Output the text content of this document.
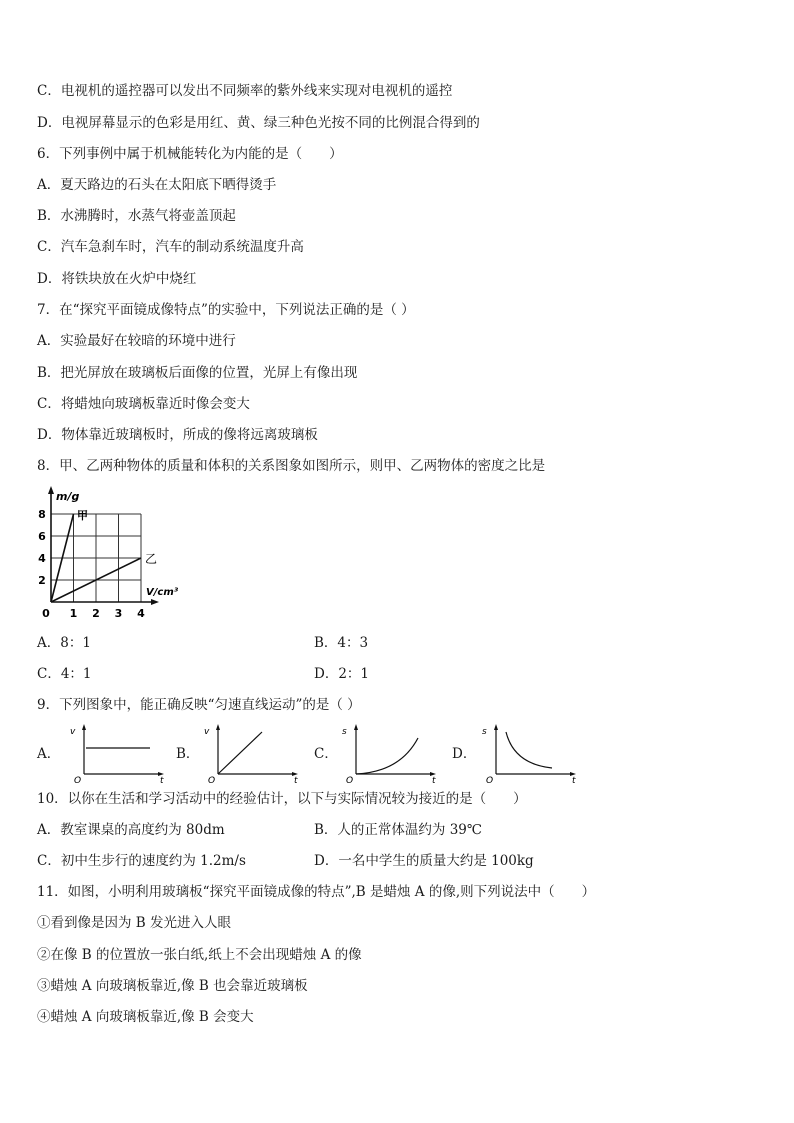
C．电视机的遥控器可以发出不同频率的紫外线来实现对电视机的遥控
D．电视屏幕显示的色彩是用红、黄、绿三种色光按不同的比例混合得到的
6．下列事例中属于机械能转化为内能的是（　　）
A．夏天路边的石头在太阳底下晒得烫手
B．水沸腾时，水蒸气将壶盖顶起
C．汽车急刹车时，汽车的制动系统温度升高
D．将铁块放在火炉中烧红
7．在“探究平面镜成像特点”的实验中，下列说法正确的是（ ）
A．实验最好在较暗的环境中进行
B．把光屏放在玻璃板后面像的位置，光屏上有像出现
C．将蜡烛向玻璃板靠近时像会变大
D．物体靠近玻璃板时，所成的像将远离玻璃板
8．甲、乙两种物体的质量和体积的关系图象如图所示，则甲、乙两物体的密度之比是
m/g
V/cm³
甲
乙
0 1 2 3 4
2
4
6
8
A．8：1	B．4：3
C．4：1	D．2：1
9．下列图象中，能正确反映“匀速直线运动”的是（ ）
A．
v
t
O
B．
v
t
O
C．
s
t
O
D．
s
t
O
10．以你在生活和学习活动中的经验估计，以下与实际情况较为接近的是（　　）
A．教室课桌的高度约为 80dm	B．人的正常体温约为 39℃
C．初中生步行的速度约为 1.2m/s	D．一名中学生的质量大约是 100kg
11．如图，小明利用玻璃板“探究平面镜成像的特点”,B 是蜡烛 A 的像,则下列说法中（　　）
①看到像是因为 B 发光进入人眼
②在像 B 的位置放一张白纸,纸上不会出现蜡烛 A 的像
③蜡烛 A 向玻璃板靠近,像 B 也会靠近玻璃板
④蜡烛 A 向玻璃板靠近,像 B 会变大
